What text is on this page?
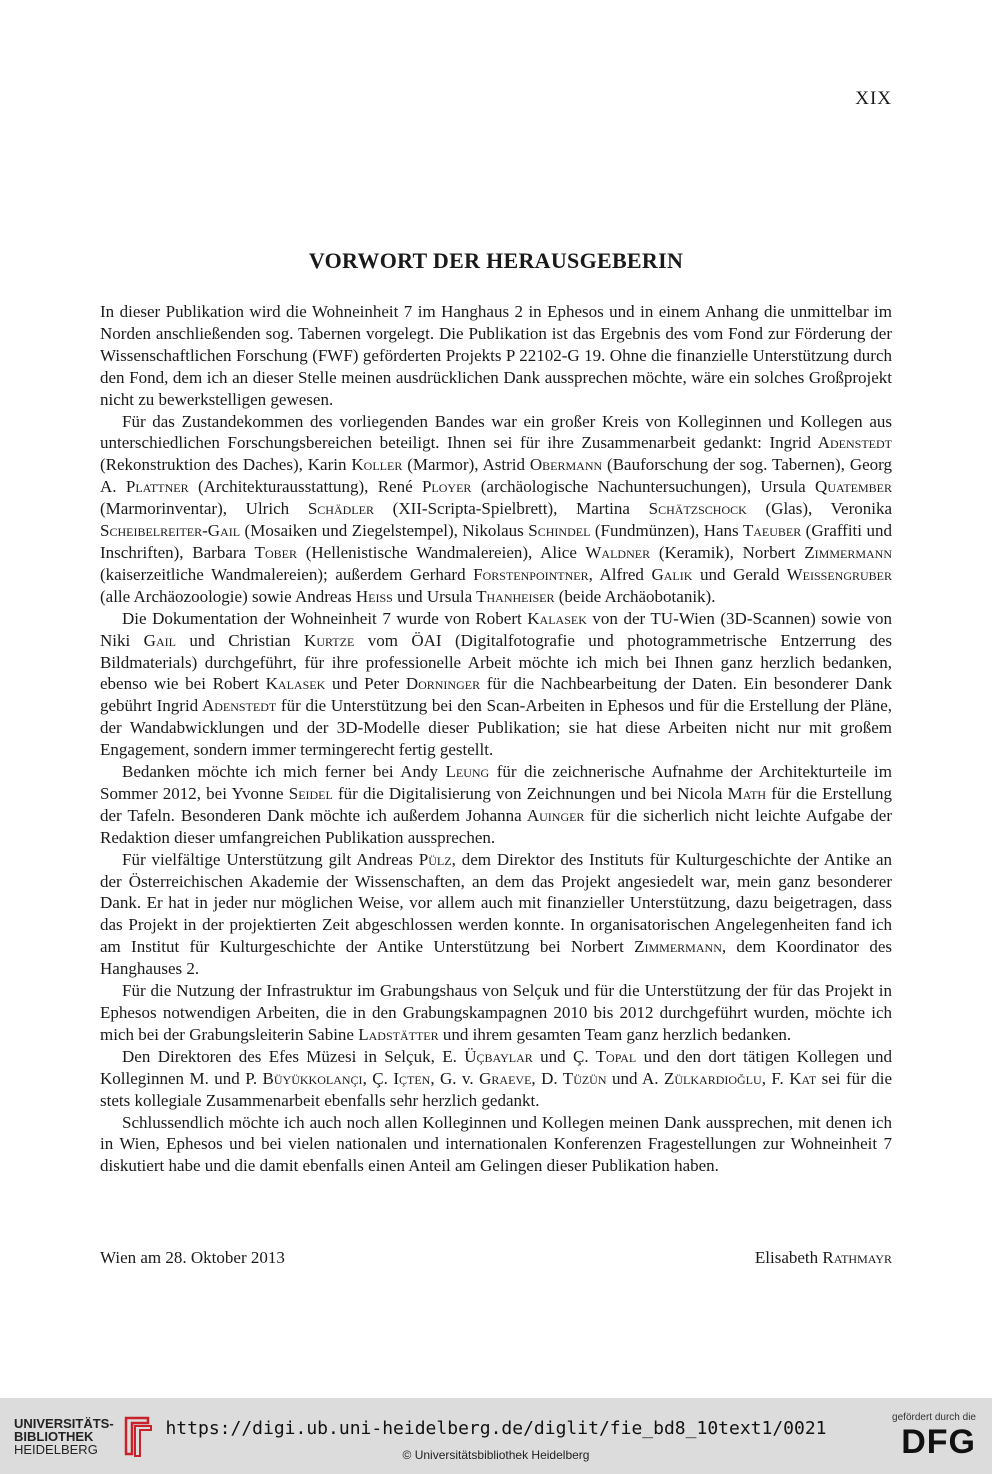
XIX
VORWORT DER HERAUSGEBERIN

In dieser Publikation wird die Wohneinheit 7 im Hanghaus 2 in Ephesos und in einem Anhang die unmittelbar im Norden anschließenden sog. Tabernen vorgelegt. Die Publikation ist das Ergebnis des vom Fond zur Förderung der Wissenschaftlichen Forschung (FWF) geförderten Projekts P 22102-G 19. Ohne die finanzielle Unterstützung durch den Fond, dem ich an dieser Stelle meinen ausdrücklichen Dank aussprechen möchte, wäre ein solches Großprojekt nicht zu bewerkstelligen gewesen.

Für das Zustandekommen des vorliegenden Bandes war ein großer Kreis von Kolleginnen und Kollegen aus unterschiedlichen Forschungsbereichen beteiligt. Ihnen sei für ihre Zusammenarbeit gedankt: Ingrid Adenstedt (Rekonstruktion des Daches), Karin Koller (Marmor), Astrid Obermann (Bauforschung der sog. Tabernen), Georg A. Plattner (Architekturausstattung), René Ployer (archäologische Nachuntersuchungen), Ursula Quatember (Marmorinventar), Ulrich Schädler (XII-Scripta-Spielbrett), Martina Schätzschock (Glas), Veronika Scheibelreiter-Gail (Mosaiken und Ziegelstempel), Nikolaus Schindel (Fundmünzen), Hans Taeuber (Graffiti und Inschriften), Barbara Tober (Hellenistische Wandmalereien), Alice Waldner (Keramik), Norbert Zimmermann (kaiserzeitliche Wandmalereien); außerdem Gerhard Forstenpointner, Alfred Galik und Gerald Weissengruber (alle Archäozoologie) sowie Andreas Heiss und Ursula Thanheiser (beide Archäobotanik).

Die Dokumentation der Wohneinheit 7 wurde von Robert Kalasek von der TU-Wien (3D-Scannen) sowie von Niki Gail und Christian Kurtze vom ÖAI (Digitalfotografie und photogrammetrische Entzerrung des Bildmaterials) durchgeführt, für ihre professionelle Arbeit möchte ich mich bei Ihnen ganz herzlich bedanken, ebenso wie bei Robert Kalasek und Peter Dorninger für die Nachbearbeitung der Daten. Ein besonderer Dank gebührt Ingrid Adenstedt für die Unterstützung bei den Scan-Arbeiten in Ephesos und für die Erstellung der Pläne, der Wandabwicklungen und der 3D-Modelle dieser Publikation; sie hat diese Arbeiten nicht nur mit großem Engagement, sondern immer termingerecht fertig gestellt.

Bedanken möchte ich mich ferner bei Andy Leung für die zeichnerische Aufnahme der Architekturteile im Sommer 2012, bei Yvonne Seidel für die Digitalisierung von Zeichnungen und bei Nicola Math für die Erstellung der Tafeln. Besonderen Dank möchte ich außerdem Johanna Auinger für die sicherlich nicht leichte Aufgabe der Redaktion dieser umfangreichen Publikation aussprechen.

Für vielfältige Unterstützung gilt Andreas Pülz, dem Direktor des Instituts für Kulturgeschichte der Antike an der Österreichischen Akademie der Wissenschaften, an dem das Projekt angesiedelt war, mein ganz besonderer Dank. Er hat in jeder nur möglichen Weise, vor allem auch mit finanzieller Unterstützung, dazu beigetragen, dass das Projekt in der projektierten Zeit abgeschlossen werden konnte. In organisatorischen Angelegenheiten fand ich am Institut für Kulturgeschichte der Antike Unterstützung bei Norbert Zimmermann, dem Koordinator des Hanghauses 2.

Für die Nutzung der Infrastruktur im Grabungshaus von Selçuk und für die Unterstützung der für das Projekt in Ephesos notwendigen Arbeiten, die in den Grabungskampagnen 2010 bis 2012 durchgeführt wurden, möchte ich mich bei der Grabungsleiterin Sabine Ladstätter und ihrem gesamten Team ganz herzlich bedanken.

Den Direktoren des Efes Müzesi in Selçuk, E. Üçbaylar und Ç. Topal und den dort tätigen Kollegen und Kolleginnen M. und P. Büyükkolançi, Ç. Içten, G. v. Graeve, D. Tüzün und A. Zülkardioğlu, F. Kat sei für die stets kollegiale Zusammenarbeit ebenfalls sehr herzlich gedankt.

Schlussendlich möchte ich auch noch allen Kolleginnen und Kollegen meinen Dank aussprechen, mit denen ich in Wien, Ephesos und bei vielen nationalen und internationalen Konferenzen Fragestellungen zur Wohneinheit 7 diskutiert habe und die damit ebenfalls einen Anteil am Gelingen dieser Publikation haben.

Wien am 28. Oktober 2013	Elisabeth Rathmayr
UNIVERSITÄTS-
BIBLIOTHEK
HEIDELBERG
https://digi.ub.uni-heidelberg.de/diglit/fie_bd8_10text1/0021
© Universitätsbibliothek Heidelberg
gefördert durch die
DFG
